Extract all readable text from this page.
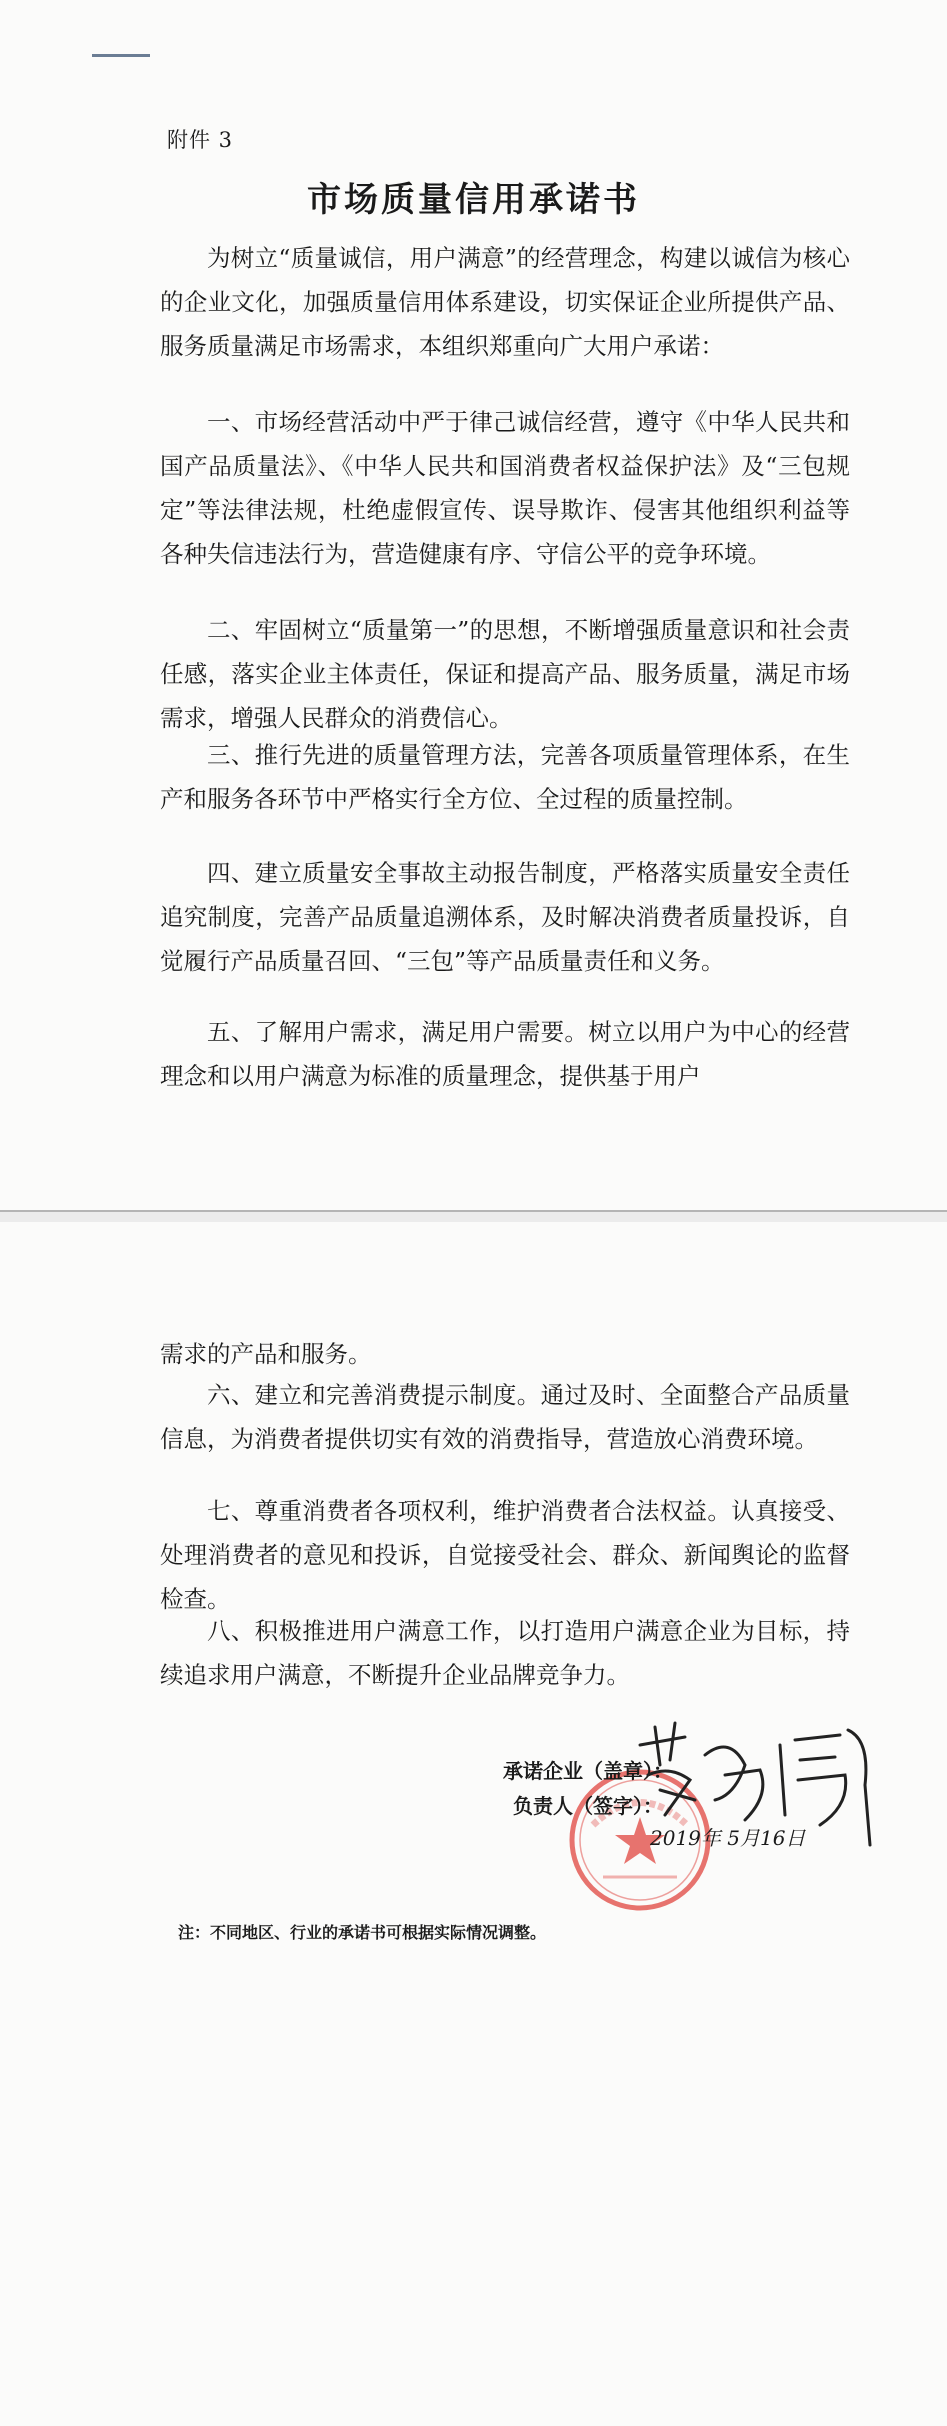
附件 3
市场质量信用承诺书
为树立“质量诚信，用户满意”的经营理念，构建以诚信为核心的企业文化，加强质量信用体系建设，切实保证企业所提供产品、服务质量满足市场需求，本组织郑重向广大用户承诺：
一、市场经营活动中严于律己诚信经营，遵守《中华人民共和国产品质量法》、《中华人民共和国消费者权益保护法》及“三包规定”等法律法规，杜绝虚假宣传、误导欺诈、侵害其他组织利益等各种失信违法行为，营造健康有序、守信公平的竞争环境。
二、牢固树立“质量第一”的思想，不断增强质量意识和社会责任感，落实企业主体责任，保证和提高产品、服务质量，满足市场需求，增强人民群众的消费信心。
三、推行先进的质量管理方法，完善各项质量管理体系，在生产和服务各环节中严格实行全方位、全过程的质量控制。
四、建立质量安全事故主动报告制度，严格落实质量安全责任追究制度，完善产品质量追溯体系，及时解决消费者质量投诉，自觉履行产品质量召回、“三包”等产品质量责任和义务。
五、了解用户需求，满足用户需要。树立以用户为中心的经营理念和以用户满意为标准的质量理念，提供基于用户
需求的产品和服务。
六、建立和完善消费提示制度。通过及时、全面整合产品质量信息，为消费者提供切实有效的消费指导，营造放心消费环境。
七、尊重消费者各项权利，维护消费者合法权益。认真接受、处理消费者的意见和投诉，自觉接受社会、群众、新闻舆论的监督检查。
八、积极推进用户满意工作，以打造用户满意企业为目标，持续追求用户满意，不断提升企业品牌竞争力。
承诺企业（盖章）：
负责人（签字）：
2019年 5月16日
注：不同地区、行业的承诺书可根据实际情况调整。
